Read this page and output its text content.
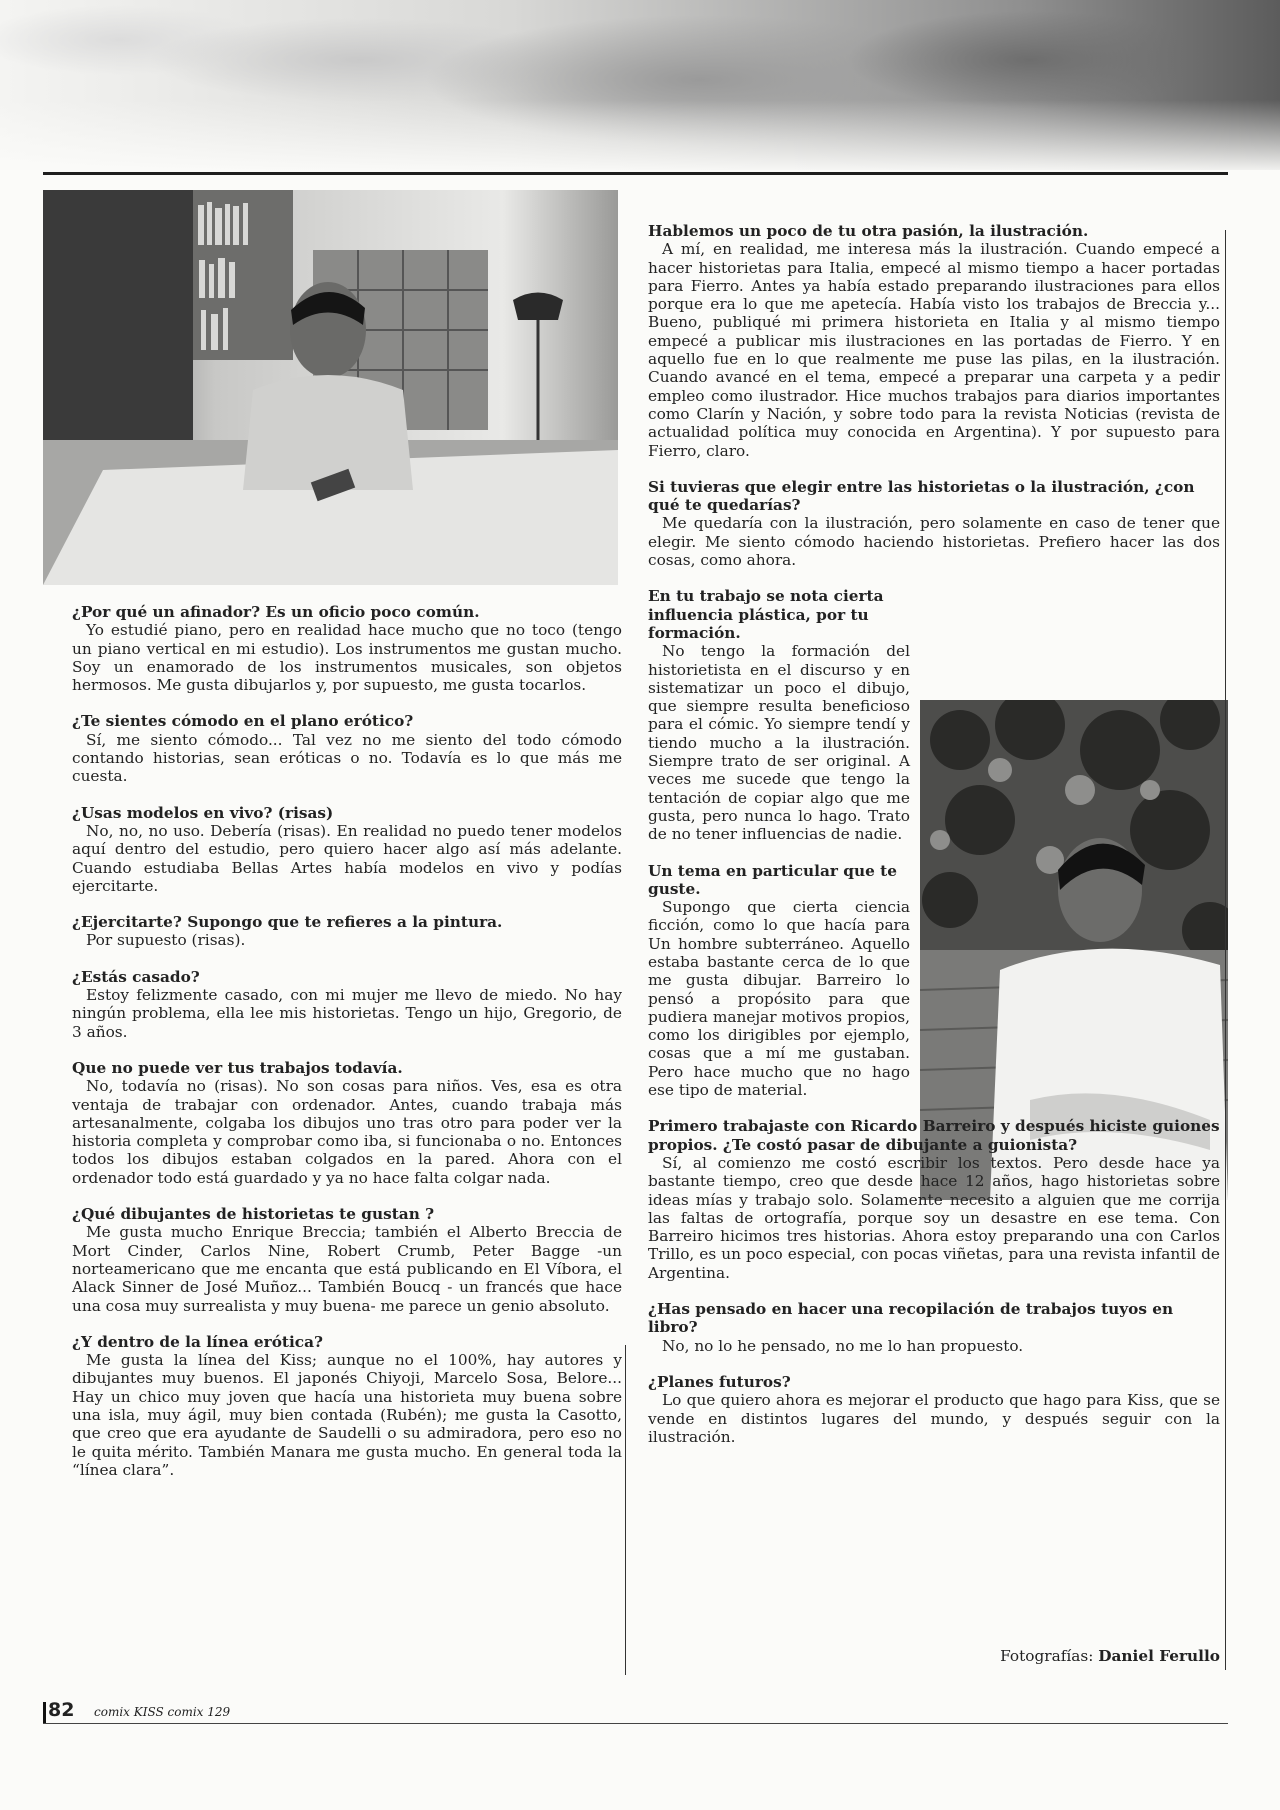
¿Por qué un afinador? Es un oficio poco común.

Yo estudié piano, pero en realidad hace mucho que no toco (tengo un piano vertical en mi estudio). Los instrumentos me gustan mucho. Soy un enamorado de los instrumentos musicales, son objetos hermosos. Me gusta dibujarlos y, por supuesto, me gusta tocarlos.

¿Te sientes cómodo en el plano erótico?

Sí, me siento cómodo... Tal vez no me siento del todo cómodo contando historias, sean eróticas o no. Todavía es lo que más me cuesta.

¿Usas modelos en vivo? (risas)

No, no, no uso. Debería (risas). En realidad no puedo tener modelos aquí dentro del estudio, pero quiero hacer algo así más adelante. Cuando estudiaba Bellas Artes había modelos en vivo y podías ejercitarte.

¿Ejercitarte? Supongo que te refieres a la pintura.

Por supuesto (risas).

¿Estás casado?

Estoy felizmente casado, con mi mujer me llevo de miedo. No hay ningún problema, ella lee mis historietas. Tengo un hijo, Gregorio, de 3 años.

Que no puede ver tus trabajos todavía.

No, todavía no (risas). No son cosas para niños. Ves, esa es otra ventaja de trabajar con ordenador. Antes, cuando trabaja más artesanalmente, colgaba los dibujos uno tras otro para poder ver la historia completa y comprobar como iba, si funcionaba o no. Entonces todos los dibujos estaban colgados en la pared. Ahora con el ordenador todo está guardado y ya no hace falta colgar nada.

¿Qué dibujantes de historietas te gustan ?

Me gusta mucho Enrique Breccia; también el Alberto Breccia de Mort Cinder, Carlos Nine, Robert Crumb, Peter Bagge -un norteamericano que me encanta que está publicando en El Víbora, el Alack Sinner de José Muñoz... También Boucq - un francés que hace una cosa muy surrealista y muy buena- me parece un genio absoluto.

¿Y dentro de la línea erótica?

Me gusta la línea del Kiss; aunque no el 100%, hay autores y dibujantes muy buenos. El japonés Chiyoji, Marcelo Sosa, Belore... Hay un chico muy joven que hacía una historieta muy buena sobre una isla, muy ágil, muy bien contada (Rubén); me gusta la Casotto, que creo que era ayudante de Saudelli o su admiradora, pero eso no le quita mérito. También Manara me gusta mucho. En general toda la “línea clara”.

Hablemos un poco de tu otra pasión, la ilustración.

A mí, en realidad, me interesa más la ilustración. Cuando empecé a hacer historietas para Italia, empecé al mismo tiempo a hacer portadas para Fierro. Antes ya había estado preparando ilustraciones para ellos porque era lo que me apetecía. Había visto los trabajos de Breccia y... Bueno, publiqué mi primera historieta en Italia y al mismo tiempo empecé a publicar mis ilustraciones en las portadas de Fierro. Y en aquello fue en lo que realmente me puse las pilas, en la ilustración. Cuando avancé en el tema, empecé a preparar una carpeta y a pedir empleo como ilustrador. Hice muchos trabajos para diarios importantes como Clarín y Nación, y sobre todo para la revista Noticias (revista de actualidad política muy conocida en Argentina). Y por supuesto para Fierro, claro.

Si tuvieras que elegir entre las historietas o la ilustración, ¿con qué te quedarías?

Me quedaría con la ilustración, pero solamente en caso de tener que elegir. Me siento cómodo haciendo historietas. Prefiero hacer las dos cosas, como ahora.

En tu trabajo se nota cierta influencia plástica, por tu formación.

No tengo la formación del historietista en el discurso y en sistematizar un poco el dibujo, que siempre resulta beneficioso para el cómic. Yo siempre tendí y tiendo mucho a la ilustración. Siempre trato de ser original. A veces me sucede que tengo la tentación de copiar algo que me gusta, pero nunca lo hago. Trato de no tener influencias de nadie.

Un tema en particular que te guste.

Supongo que cierta ciencia ficción, como lo que hacía para Un hombre subterráneo. Aquello estaba bastante cerca de lo que me gusta dibujar. Barreiro lo pensó a propósito para que pudiera manejar motivos propios, como los dirigibles por ejemplo, cosas que a mí me gustaban. Pero hace mucho que no hago ese tipo de material.

Primero trabajaste con Ricardo Barreiro y después hiciste guiones propios. ¿Te costó pasar de dibujante a guionista?

Sí, al comienzo me costó escribir los textos. Pero desde hace ya bastante tiempo, creo que desde hace 12 años, hago historietas sobre ideas mías y trabajo solo. Solamente necesito a alguien que me corrija las faltas de ortografía, porque soy un desastre en ese tema. Con Barreiro hicimos tres historias. Ahora estoy preparando una con Carlos Trillo, es un poco especial, con pocas viñetas, para una revista infantil de Argentina.

¿Has pensado en hacer una recopilación de trabajos tuyos en libro?

No, no lo he pensado, no me lo han propuesto.

¿Planes futuros?

Lo que quiero ahora es mejorar el producto que hago para Kiss, que se vende en distintos lugares del mundo, y después seguir con la ilustración.

Fotografías: Daniel Ferullo
82 comix KISS comix 129
